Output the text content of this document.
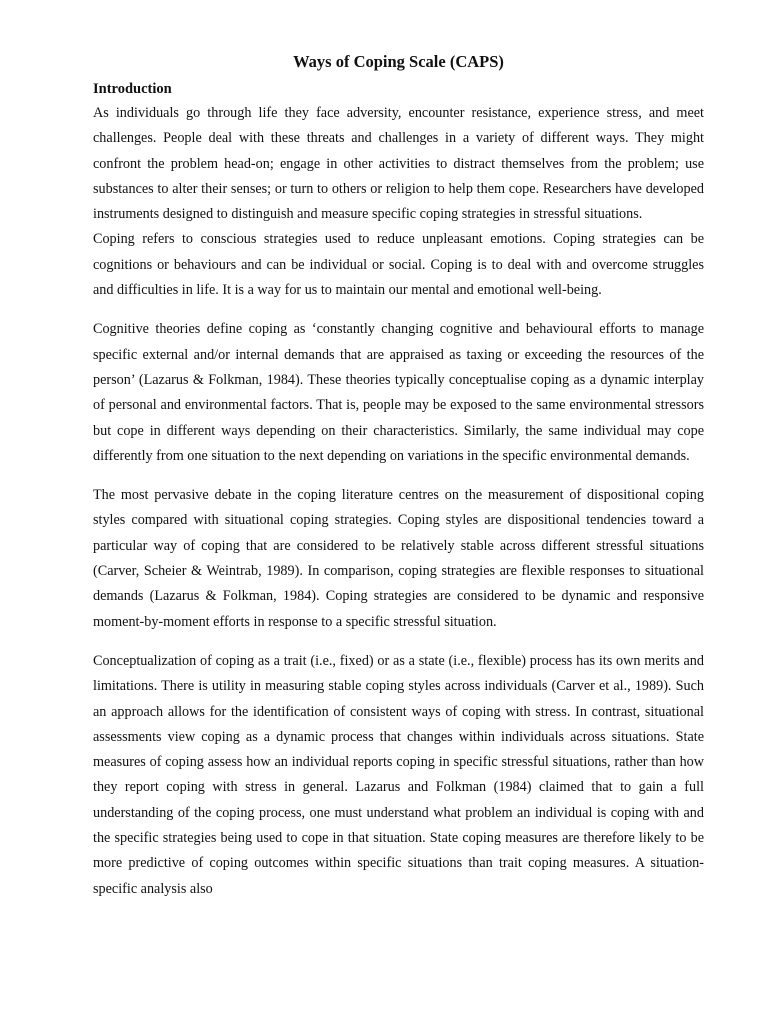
Ways of Coping Scale (CAPS)
Introduction

As individuals go through life they face adversity, encounter resistance, experience stress, and meet challenges. People deal with these threats and challenges in a variety of different ways. They might confront the problem head-on; engage in other activities to distract themselves from the problem; use substances to alter their senses; or turn to others or religion to help them cope. Researchers have developed instruments designed to distinguish and measure specific coping strategies in stressful situations.

Coping refers to conscious strategies used to reduce unpleasant emotions. Coping strategies can be cognitions or behaviours and can be individual or social. Coping is to deal with and overcome struggles and difficulties in life. It is a way for us to maintain our mental and emotional well-being.

Cognitive theories define coping as ‘constantly changing cognitive and behavioural efforts to manage specific external and/or internal demands that are appraised as taxing or exceeding the resources of the person’ (Lazarus & Folkman, 1984). These theories typically conceptualise coping as a dynamic interplay of personal and environmental factors. That is, people may be exposed to the same environmental stressors but cope in different ways depending on their characteristics. Similarly, the same individual may cope differently from one situation to the next depending on variations in the specific environmental demands.

The most pervasive debate in the coping literature centres on the measurement of dispositional coping styles compared with situational coping strategies. Coping styles are dispositional tendencies toward a particular way of coping that are considered to be relatively stable across different stressful situations (Carver, Scheier & Weintrab, 1989). In comparison, coping strategies are flexible responses to situational demands (Lazarus & Folkman, 1984). Coping strategies are considered to be dynamic and responsive moment-by-moment efforts in response to a specific stressful situation.

Conceptualization of coping as a trait (i.e., fixed) or as a state (i.e., flexible) process has its own merits and limitations. There is utility in measuring stable coping styles across individuals (Carver et al., 1989). Such an approach allows for the identification of consistent ways of coping with stress. In contrast, situational assessments view coping as a dynamic process that changes within individuals across situations. State measures of coping assess how an individual reports coping in specific stressful situations, rather than how they report coping with stress in general. Lazarus and Folkman (1984) claimed that to gain a full understanding of the coping process, one must understand what problem an individual is coping with and the specific strategies being used to cope in that situation. State coping measures are therefore likely to be more predictive of coping outcomes within specific situations than trait coping measures. A situation-specific analysis also
